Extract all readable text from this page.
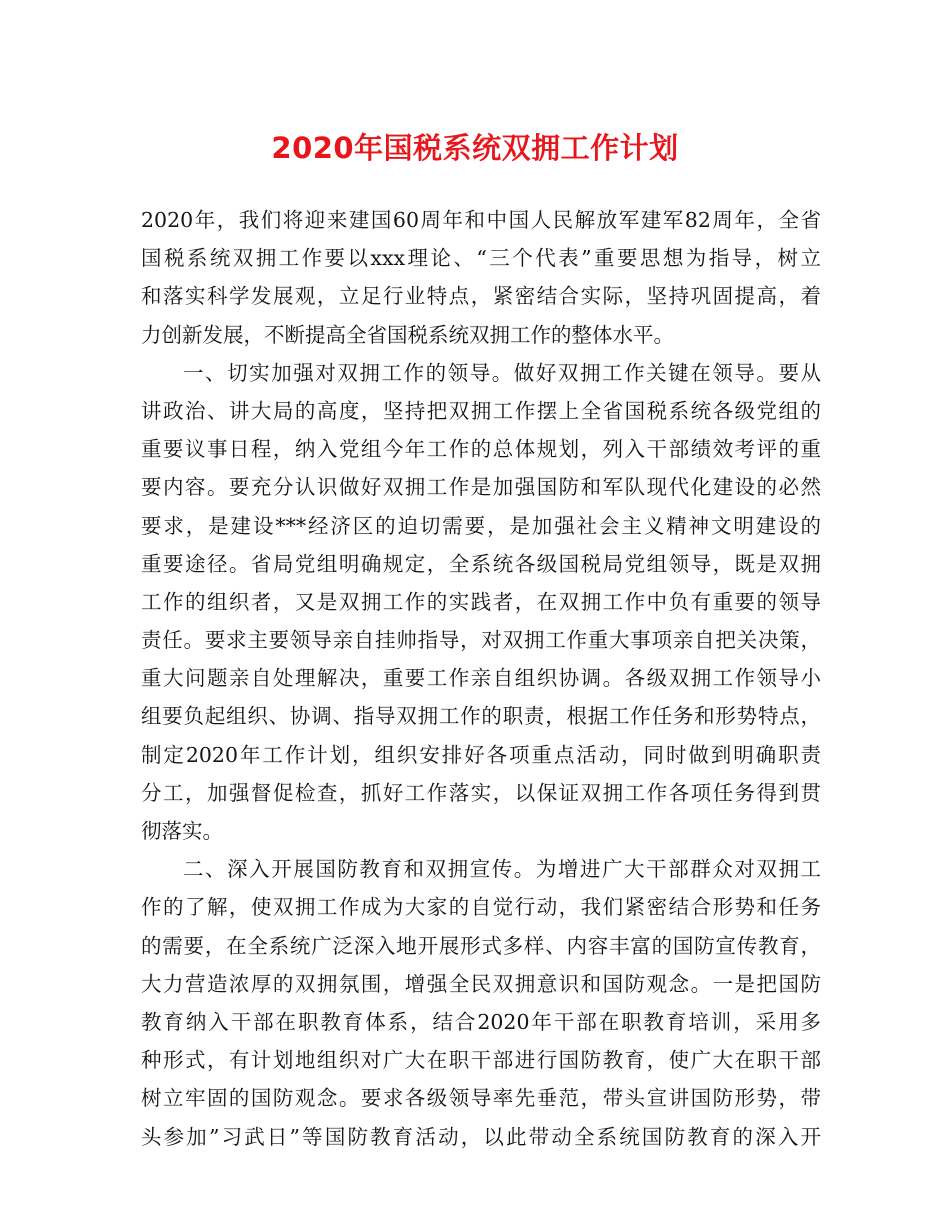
2020年国税系统双拥工作计划
2020年，我们将迎来建国60周年和中国人民解放军建军82周年，全省
国税系统双拥工作要以xxx理论、“三个代表”重要思想为指导，树立
和落实科学发展观，立足行业特点，紧密结合实际，坚持巩固提高，着
力创新发展，不断提高全省国税系统双拥工作的整体水平。
一、切实加强对双拥工作的领导。做好双拥工作关键在领导。要从
讲政治、讲大局的高度，坚持把双拥工作摆上全省国税系统各级党组的
重要议事日程，纳入党组今年工作的总体规划，列入干部绩效考评的重
要内容。要充分认识做好双拥工作是加强国防和军队现代化建设的必然
要求，是建设***经济区的迫切需要，是加强社会主义精神文明建设的
重要途径。省局党组明确规定，全系统各级国税局党组领导，既是双拥
工作的组织者，又是双拥工作的实践者，在双拥工作中负有重要的领导
责任。要求主要领导亲自挂帅指导，对双拥工作重大事项亲自把关决策，
重大问题亲自处理解决，重要工作亲自组织协调。各级双拥工作领导小
组要负起组织、协调、指导双拥工作的职责，根据工作任务和形势特点，
制定2020年工作计划，组织安排好各项重点活动，同时做到明确职责
分工，加强督促检查，抓好工作落实，以保证双拥工作各项任务得到贯
彻落实。
二、深入开展国防教育和双拥宣传。为增进广大干部群众对双拥工
作的了解，使双拥工作成为大家的自觉行动，我们紧密结合形势和任务
的需要，在全系统广泛深入地开展形式多样、内容丰富的国防宣传教育，
大力营造浓厚的双拥氛围，增强全民双拥意识和国防观念。一是把国防
教育纳入干部在职教育体系，结合2020年干部在职教育培训，采用多
种形式，有计划地组织对广大在职干部进行国防教育，使广大在职干部
树立牢固的国防观念。要求各级领导率先垂范，带头宣讲国防形势，带
头参加”习武日”等国防教育活动，以此带动全系统国防教育的深入开
